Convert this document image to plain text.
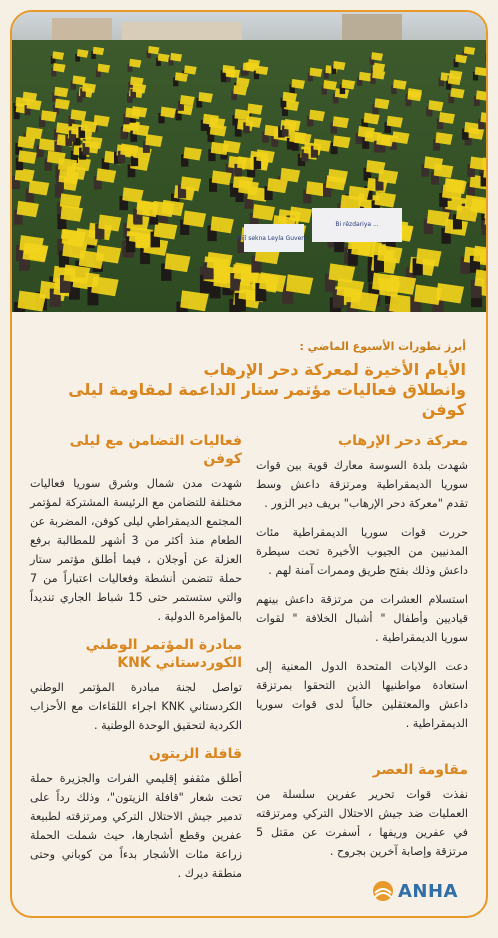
Bijî sekna Leyla Guven...
Bi rêzdariya ...
أبرز تطورات الأسبوع الماضي :
الأيام الأخيرة لمعركة دحر الإرهاب
وانطلاق فعاليات مؤتمر ستار الداعمة لمقاومة ليلى كوفن
معركة دحر الإرهاب

شهدت بلدة السوسة معارك قوية بين قوات سوريا الديمقراطية ومرتزقة داعش وسط تقدم "معركة دحر الإرهاب" بريف دير الزور .

حررت قوات سوريا الديمقراطية مئات المدنيين من الجيوب الأخيرة تحت سيطرة داعش وذلك بفتح طريق وممرات آمنة لهم .

استسلام العشرات من مرتزقة داعش بينهم قياديين وأطفال " أشبال الخلافة " لقوات سوريا الديمقراطية .

دعت الولايات المتحدة الدول المعنية إلى استعادة مواطنيها الذين التحقوا بمرتزقة داعش والمعتقلين حالياً لدى قوات سوريا الديمقراطية .

مقاومة العصر

نفذت قوات تحرير عفرين سلسلة من العمليات ضد جيش الاحتلال التركي ومرتزقته في عفرين وريفها ، أسفرت عن مقتل 5 مرتزقة وإصابة آخرين بجروح .

فعاليات التضامن مع ليلى كوفن

شهدت مدن شمال وشرق سوريا فعاليات مختلفة للتضامن مع الرئيسة المشتركة لمؤتمر المجتمع الديمقراطي ليلى كوفن، المضربة عن الطعام منذ أكثر من 3 أشهر للمطالبة برفع العزلة عن أوجلان ، فيما أطلق مؤتمر ستار حملة تتضمن أنشطة وفعاليات اعتباراً من 7 والتي ستستمر حتى 15 شباط الجاري تنديداً بالمؤامرة الدولية .

مبادرة المؤتمر الوطني الكوردستاني KNK

تواصل لجنة مبادرة المؤتمر الوطني الكردستاني KNK اجراء اللقاءات مع الأحزاب الكردية لتحقيق الوحدة الوطنية .

قافلة الزيتون

أطلق مثقفو إقليمي الفرات والجزيرة حملة تحت شعار "قافلة الزيتون"، وذلك رداً على تدمير جيش الاحتلال التركي ومرتزقته لطبيعة عفرين وقطع أشجارها، حيث شملت الحملة زراعة مئات الأشجار بدءاً من كوباني وحتى منطقة ديرك .

ANHA
